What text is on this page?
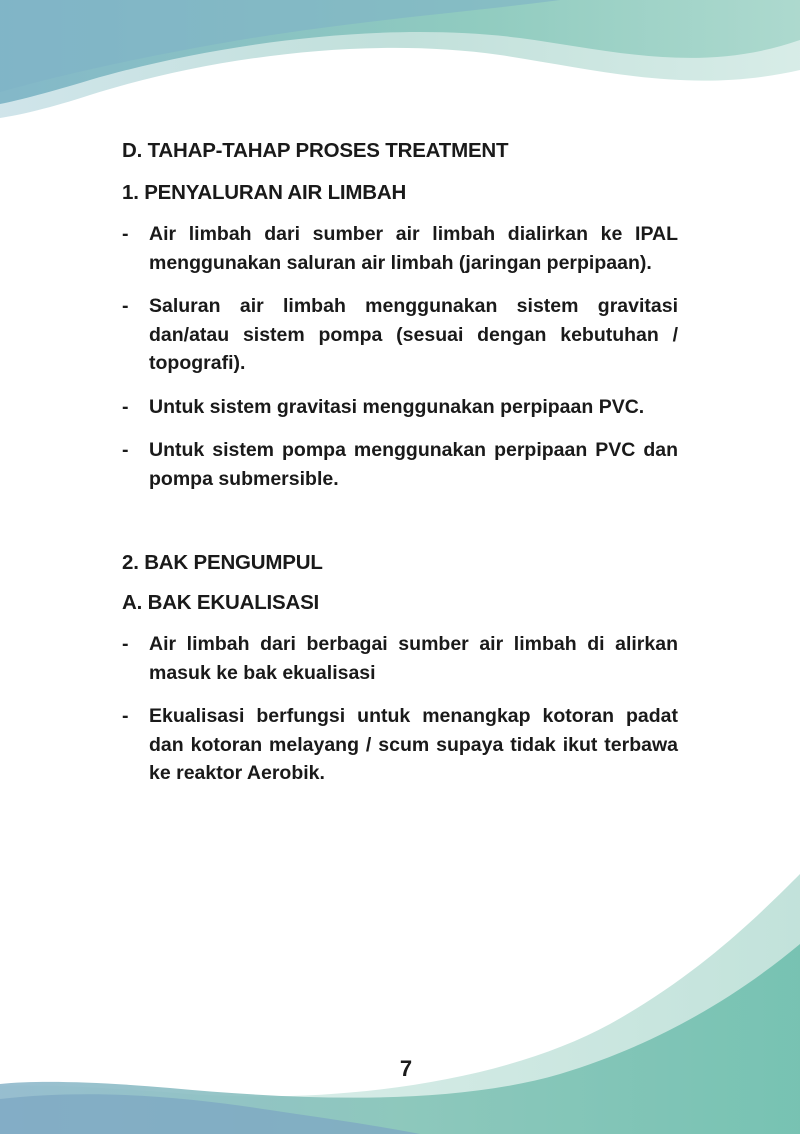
D. TAHAP-TAHAP PROSES TREATMENT
1. PENYALURAN AIR LIMBAH
- Air limbah dari sumber air limbah dialirkan ke IPAL menggunakan saluran air limbah (jaringan perpipaan).
- Saluran air limbah menggunakan sistem gravitasi dan/atau sistem pompa (sesuai dengan kebutuhan / topografi).
- Untuk sistem gravitasi menggunakan perpipaan PVC.
- Untuk sistem pompa menggunakan perpipaan PVC dan pompa submersible.
2. BAK PENGUMPUL
A. BAK EKUALISASI
- Air limbah dari berbagai sumber air limbah di alirkan masuk ke bak ekualisasi
- Ekualisasi berfungsi untuk menangkap kotoran padat dan kotoran melayang / scum supaya tidak ikut terbawa ke reaktor Aerobik.
7
